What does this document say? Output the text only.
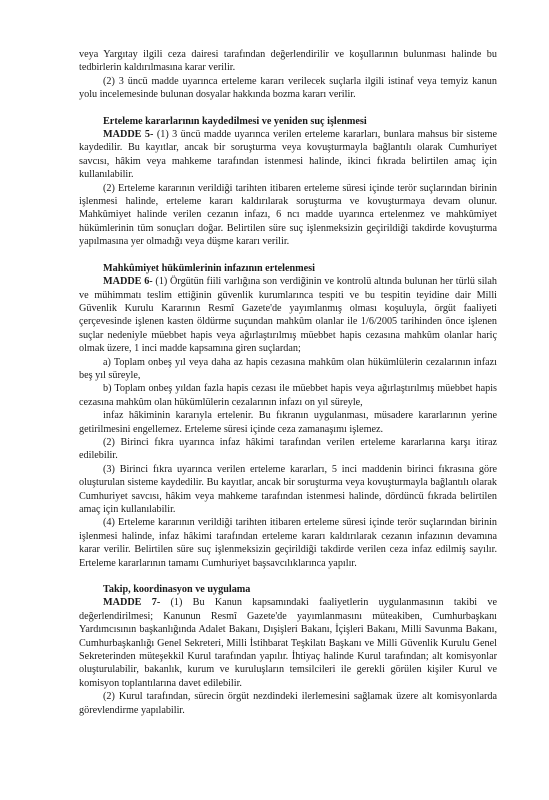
veya Yargıtay ilgili ceza dairesi tarafından değerlendirilir ve koşullarının bulunması halinde bu tedbirlerin kaldırılmasına karar verilir.

(2) 3 üncü madde uyarınca erteleme kararı verilecek suçlarla ilgili istinaf veya temyiz kanun yolu incelemesinde bulunan dosyalar hakkında bozma kararı verilir.

Erteleme kararlarının kaydedilmesi ve yeniden suç işlenmesi

MADDE 5- (1) 3 üncü madde uyarınca verilen erteleme kararları, bunlara mahsus bir sisteme kaydedilir. Bu kayıtlar, ancak bir soruşturma veya kovuşturmayla bağlantılı olarak Cumhuriyet savcısı, hâkim veya mahkeme tarafından istenmesi halinde, ikinci fıkrada belirtilen amaç için kullanılabilir.

(2) Erteleme kararının verildiği tarihten itibaren erteleme süresi içinde terör suçlarından birinin işlenmesi halinde, erteleme kararı kaldırılarak soruşturma ve kovuşturmaya devam olunur. Mahkûmiyet halinde verilen cezanın infazı, 6 ncı madde uyarınca ertelenmez ve mahkûmiyet hükümlerinin tüm sonuçları doğar. Belirtilen süre suç işlenmeksizin geçirildiği takdirde kovuşturma yapılmasına yer olmadığı veya düşme kararı verilir.

Mahkûmiyet hükümlerinin infazının ertelenmesi

MADDE 6- (1) Örgütün fiili varlığına son verdiğinin ve kontrolü altında bulunan her türlü silah ve mühimmatı teslim ettiğinin güvenlik kurumlarınca tespiti ve bu tespitin teyidine dair Milli Güvenlik Kurulu Kararının Resmî Gazete'de yayımlanmış olması koşuluyla, örgüt faaliyeti çerçevesinde işlenen kasten öldürme suçundan mahkûm olanlar ile 1/6/2005 tarihinden önce işlenen suçlar nedeniyle müebbet hapis veya ağırlaştırılmış müebbet hapis cezasına mahkûm olanlar hariç olmak üzere, 1 inci madde kapsamına giren suçlardan;

a) Toplam onbeş yıl veya daha az hapis cezasına mahkûm olan hükümlülerin cezalarının infazı beş yıl süreyle,

b) Toplam onbeş yıldan fazla hapis cezası ile müebbet hapis veya ağırlaştırılmış müebbet hapis cezasına mahkûm olan hükümlülerin cezalarının infazı on yıl süreyle,

infaz hâkiminin kararıyla ertelenir. Bu fıkranın uygulanması, müsadere kararlarının yerine getirilmesini engellemez. Erteleme süresi içinde ceza zamanaşımı işlemez.

(2) Birinci fıkra uyarınca infaz hâkimi tarafından verilen erteleme kararlarına karşı itiraz edilebilir.

(3) Birinci fıkra uyarınca verilen erteleme kararları, 5 inci maddenin birinci fıkrasına göre oluşturulan sisteme kaydedilir. Bu kayıtlar, ancak bir soruşturma veya kovuşturmayla bağlantılı olarak Cumhuriyet savcısı, hâkim veya mahkeme tarafından istenmesi halinde, dördüncü fıkrada belirtilen amaç için kullanılabilir.

(4) Erteleme kararının verildiği tarihten itibaren erteleme süresi içinde terör suçlarından birinin işlenmesi halinde, infaz hâkimi tarafından erteleme kararı kaldırılarak cezanın infazının devamına karar verilir. Belirtilen süre suç işlenmeksizin geçirildiği takdirde verilen ceza infaz edilmiş sayılır. Erteleme kararlarının tamamı Cumhuriyet başsavcılıklarınca yapılır.

Takip, koordinasyon ve uygulama

MADDE 7- (1) Bu Kanun kapsamındaki faaliyetlerin uygulanmasının takibi ve değerlendirilmesi; Kanunun Resmî Gazete'de yayımlanmasını müteakiben, Cumhurbaşkanı Yardımcısının başkanlığında Adalet Bakanı, Dışişleri Bakanı, İçişleri Bakanı, Milli Savunma Bakanı, Cumhurbaşkanlığı Genel Sekreteri, Milli İstihbarat Teşkilatı Başkanı ve Milli Güvenlik Kurulu Genel Sekreterinden müteşekkil Kurul tarafından yapılır. İhtiyaç halinde Kurul tarafından; alt komisyonlar oluşturulabilir, bakanlık, kurum ve kuruluşların temsilcileri ile gerekli görülen kişiler Kurul ve komisyon toplantılarına davet edilebilir.

(2) Kurul tarafından, sürecin örgüt nezdindeki ilerlemesini sağlamak üzere alt komisyonlarda görevlendirme yapılabilir.
